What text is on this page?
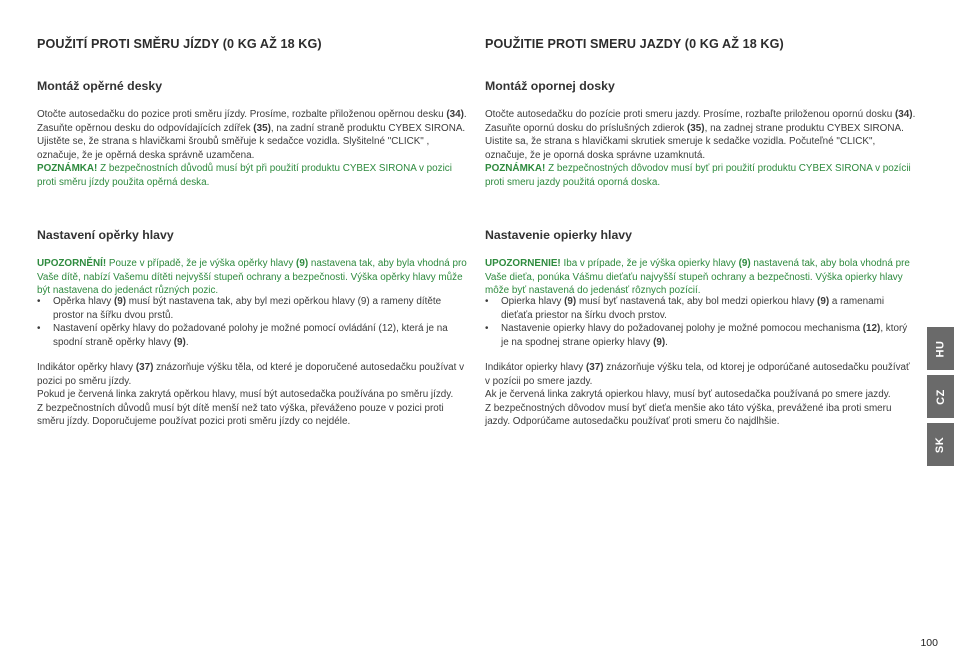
POUŽITÍ PROTI SMĚRU JÍZDY (0 KG AŽ 18 KG)
Montáž opěrné desky

Otočte autosedačku do pozice proti směru jízdy. Prosíme, rozbalte přiloženou opěrnou desku (34). Zasuňte opěrnou desku do odpovídajících zdířek (35), na zadní straně produktu CYBEX SIRONA. Ujistěte se, že strana s hlavičkami šroubů směřuje k sedačce vozidla. Slyšitelné "CLICK" , označuje, že je opěrná deska správně uzamčena.
POZNÁMKA! Z bezpečnostních důvodů musí být při použití produktu CYBEX SIRONA v pozici proti směru jízdy použita opěrná deska.

Nastavení opěrky hlavy

UPOZORNĚNÍ! Pouze v případě, že je výška opěrky hlavy (9) nastavena tak, aby byla vhodná pro Vaše dítě, nabízí Vašemu dítěti nejvyšší stupeň ochrany a bezpečnosti. Výška opěrky hlavy může být nastavena do jedenáct různých pozic.

• Opěrka hlavy (9) musí být nastavena tak, aby byl mezi opěrkou hlavy (9) a rameny dítěte prostor na šířku dvou prstů.
• Nastavení opěrky hlavy do požadované polohy je možné pomocí ovládání (12), která je na spodní straně opěrky hlavy (9).

Indikátor opěrky hlavy (37) znázorňuje výšku těla, od které je doporučené autosedačku používat v pozici po směru jízdy.
Pokud je červená linka zakrytá opěrkou hlavy, musí být autosedačka používána po směru jízdy.
Z bezpečnostních důvodů musí být dítě menší než tato výška, převáženo pouze v pozici proti směru jízdy. Doporučujeme používat pozici proti směru jízdy co nejdéle.

POUŽITIE PROTI SMERU JAZDY (0 KG AŽ 18 KG)
Montáž opornej dosky

Otočte autosedačku do pozície proti smeru jazdy. Prosíme, rozbaľte priloženou opornú dosku (34). Zasuňte opornú dosku do príslušných zdierok (35), na zadnej strane produktu CYBEX SIRONA. Uistite sa, že strana s hlavičkami skrutiek smeruje k sedačke vozidla. Počuteľné "CLICK", označuje, že je oporná doska správne uzamknutá.
POZNÁMKA! Z bezpečnostných dôvodov musí byť pri použití produktu CYBEX SIRONA v pozícii proti smeru jazdy použitá oporná doska.

Nastavenie opierky hlavy

UPOZORNENIE! Iba v prípade, že je výška opierky hlavy (9) nastavená tak, aby bola vhodná pre Vaše dieťa, ponúka Vášmu dieťaťu najvyšší stupeň ochrany a bezpečnosti. Výška opierky hlavy môže byť nastavená do jedenásť rôznych pozícií.

• Opierka hlavy (9) musí byť nastavená tak, aby bol medzi opierkou hlavy (9) a ramenami dieťaťa priestor na šírku dvoch prstov.
• Nastavenie opierky hlavy do požadovanej polohy je možné pomocou mechanisma (12), ktorý je na spodnej strane opierky hlavy (9).

Indikátor opierky hlavy (37) znázorňuje výšku tela, od ktorej je odporúčané autosedačku používať v pozícii po smere jazdy.
Ak je červená linka zakrytá opierkou hlavy, musí byť autosedačka používaná po smere jazdy.
Z bezpečnostných dôvodov musí byť dieťa menšie ako táto výška, prevážené iba proti smeru jazdy. Odporúčame autosedačku používať proti smeru čo najdlhšie.

HU
CZ
SK
100
